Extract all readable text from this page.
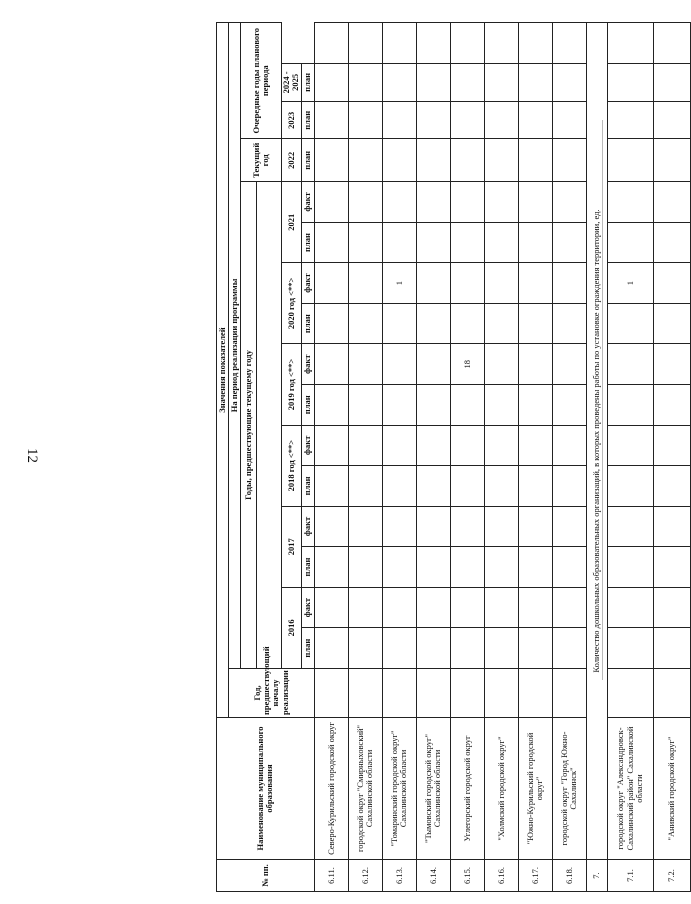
12
№ пп.	Наименование муниципального образования	Значения показателей																
		Год, предшествующий началу реализации	На период реализации программы															
			Годы, предшествующие текущему году												Текущий год	Очередные годы планового периода		

			2016		2017		2018 год <**>		2019 год <**>		2020 год <**>		2021		2022	2023	2024 - 2025	
			план	факт	план	факт	план	факт	план	факт	план	факт	план	факт	план	план	план	
6.11.	Северо-Курильский городской округ																	
6.12.	городской округ "Смирныховский" Сахалинской области																	
6.13.	"Томаринский городской округ" Сахалинской области											1						
6.14.	"Тымовский городской округ" Сахалинской области																	
6.15.	Углегорский городской округ									18								
6.16.	"Холмский городской округ"																	
6.17.	"Южно-Курильский городской округ"																	
6.18.	городской округ "Город Южно-Сахалинск"																	
7.	Количество дошкольных образовательных организаций, в которых проведены работы по установке ограждения территории, ед.																	
7.1.	городской округ "Александровск-Сахалинский район" Сахалинской области											1						
7.2.	"Анивский городской округ"																	
